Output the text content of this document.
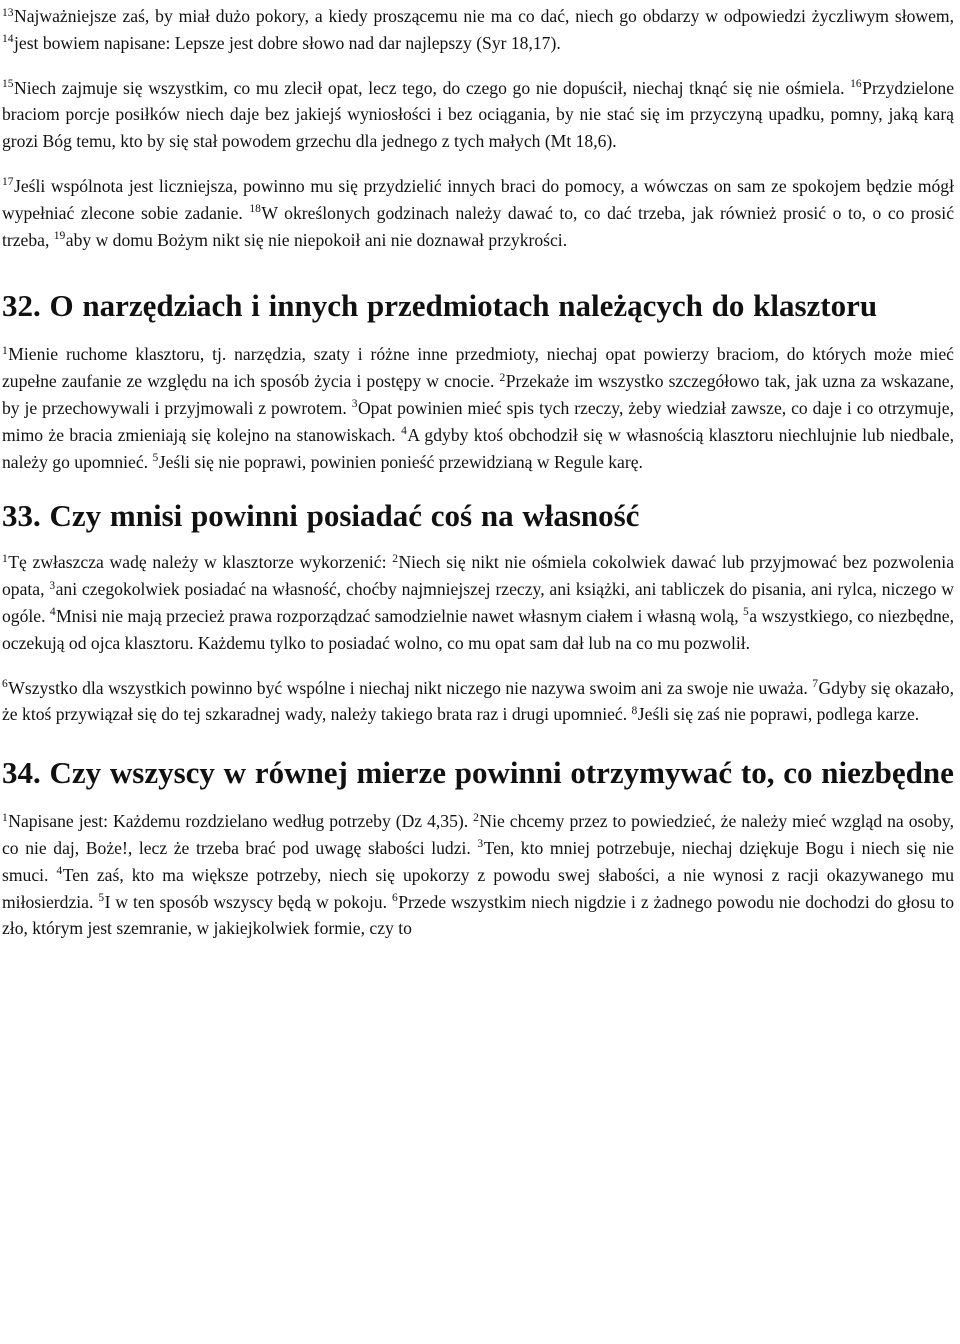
$^{13}$Najważniejsze zaś, by miał dużo pokory, a kiedy proszącemu nie ma co dać, niech go obdarzy w odpowiedzi życzliwym słowem, $^{14}$jest bowiem napisane: Lepsze jest dobre słowo nad dar najlepszy (Syr 18,17).

$^{15}$Niech zajmuje się wszystkim, co mu zlecił opat, lecz tego, do czego go nie dopuścił, niechaj tknąć się nie ośmiela. $^{16}$Przydzielone braciom porcje posiłków niech daje bez jakiejś wyniosłości i bez ociągania, by nie stać się im przyczyną upadku, pomny, jaką karą grozi Bóg temu, kto by się stał powodem grzechu dla jednego z tych małych (Mt 18,6).

$^{17}$Jeśli wspólnota jest liczniejsza, powinno mu się przydzielić innych braci do pomocy, a wówczas on sam ze spokojem będzie mógł wypełniać zlecone sobie zadanie. $^{18}$W określonych godzinach należy dawać to, co dać trzeba, jak również prosić o to, o co prosić trzeba, $^{19}$aby w domu Bożym nikt się nie niepokoił ani nie doznawał przykrości.

32. O narzędziach i innych przedmiotach należących do klasztoru

$^1$Mienie ruchome klasztoru, tj. narzędzia, szaty i różne inne przedmioty, niechaj opat powierzy braciom, do których może mieć zupełne zaufanie ze względu na ich sposób życia i postępy w cnocie. $^2$Przekaże im wszystko szczegółowo tak, jak uzna za wskazane, by je przechowywali i przyjmowali z powrotem. $^3$Opat powinien mieć spis tych rzeczy, żeby wiedział zawsze, co daje i co otrzymuje, mimo że bracia zmieniają się kolejno na stanowiskach. $^4$A gdyby ktoś obchodził się w własnością klasztoru niechlujnie lub niedbale, należy go upomnieć. $^5$Jeśli się nie poprawi, powinien ponieść przewidzianą w Regule karę.

33. Czy mnisi powinni posiadać coś na własność

$^1$Tę zwłaszcza wadę należy w klasztorze wykorzenić: $^2$Niech się nikt nie ośmiela cokolwiek dawać lub przyjmować bez pozwolenia opata, $^3$ani czegokolwiek posiadać na własność, choćby najmniejszej rzeczy, ani książki, ani tabliczek do pisania, ani rylca, niczego w ogóle. $^4$Mnisi nie mają przecież prawa rozporządzać samodzielnie nawet własnym ciałem i własną wolą, $^5$a wszystkiego, co niezbędne, oczekują od ojca klasztoru. Każdemu tylko to posiadać wolno, co mu opat sam dał lub na co mu pozwolił.

$^6$Wszystko dla wszystkich powinno być wspólne i niechaj nikt niczego nie nazywa swoim ani za swoje nie uważa. $^7$Gdyby się okazało, że ktoś przywiązał się do tej szkaradnej wady, należy takiego brata raz i drugi upomnieć. $^8$Jeśli się zaś nie poprawi, podlega karze.

34. Czy wszyscy w równej mierze powinni otrzymywać to, co niezbędne

$^1$Napisane jest: Każdemu rozdzielano według potrzeby (Dz 4,35). $^2$Nie chcemy przez to powiedzieć, że należy mieć wzgląd na osoby, co nie daj, Boże!, lecz że trzeba brać pod uwagę słabości ludzi. $^3$Ten, kto mniej potrzebuje, niechaj dziękuje Bogu i niech się nie smuci. $^4$Ten zaś, kto ma większe potrzeby, niech się upokorzy z powodu swej słabości, a nie wynosi z racji okazywanego mu miłosierdzia. $^5$I w ten sposób wszyscy będą w pokoju. $^6$Przede wszystkim niech nigdzie i z żadnego powodu nie dochodzi do głosu to zło, którym jest szemranie, w jakiejkolwiek formie, czy to
